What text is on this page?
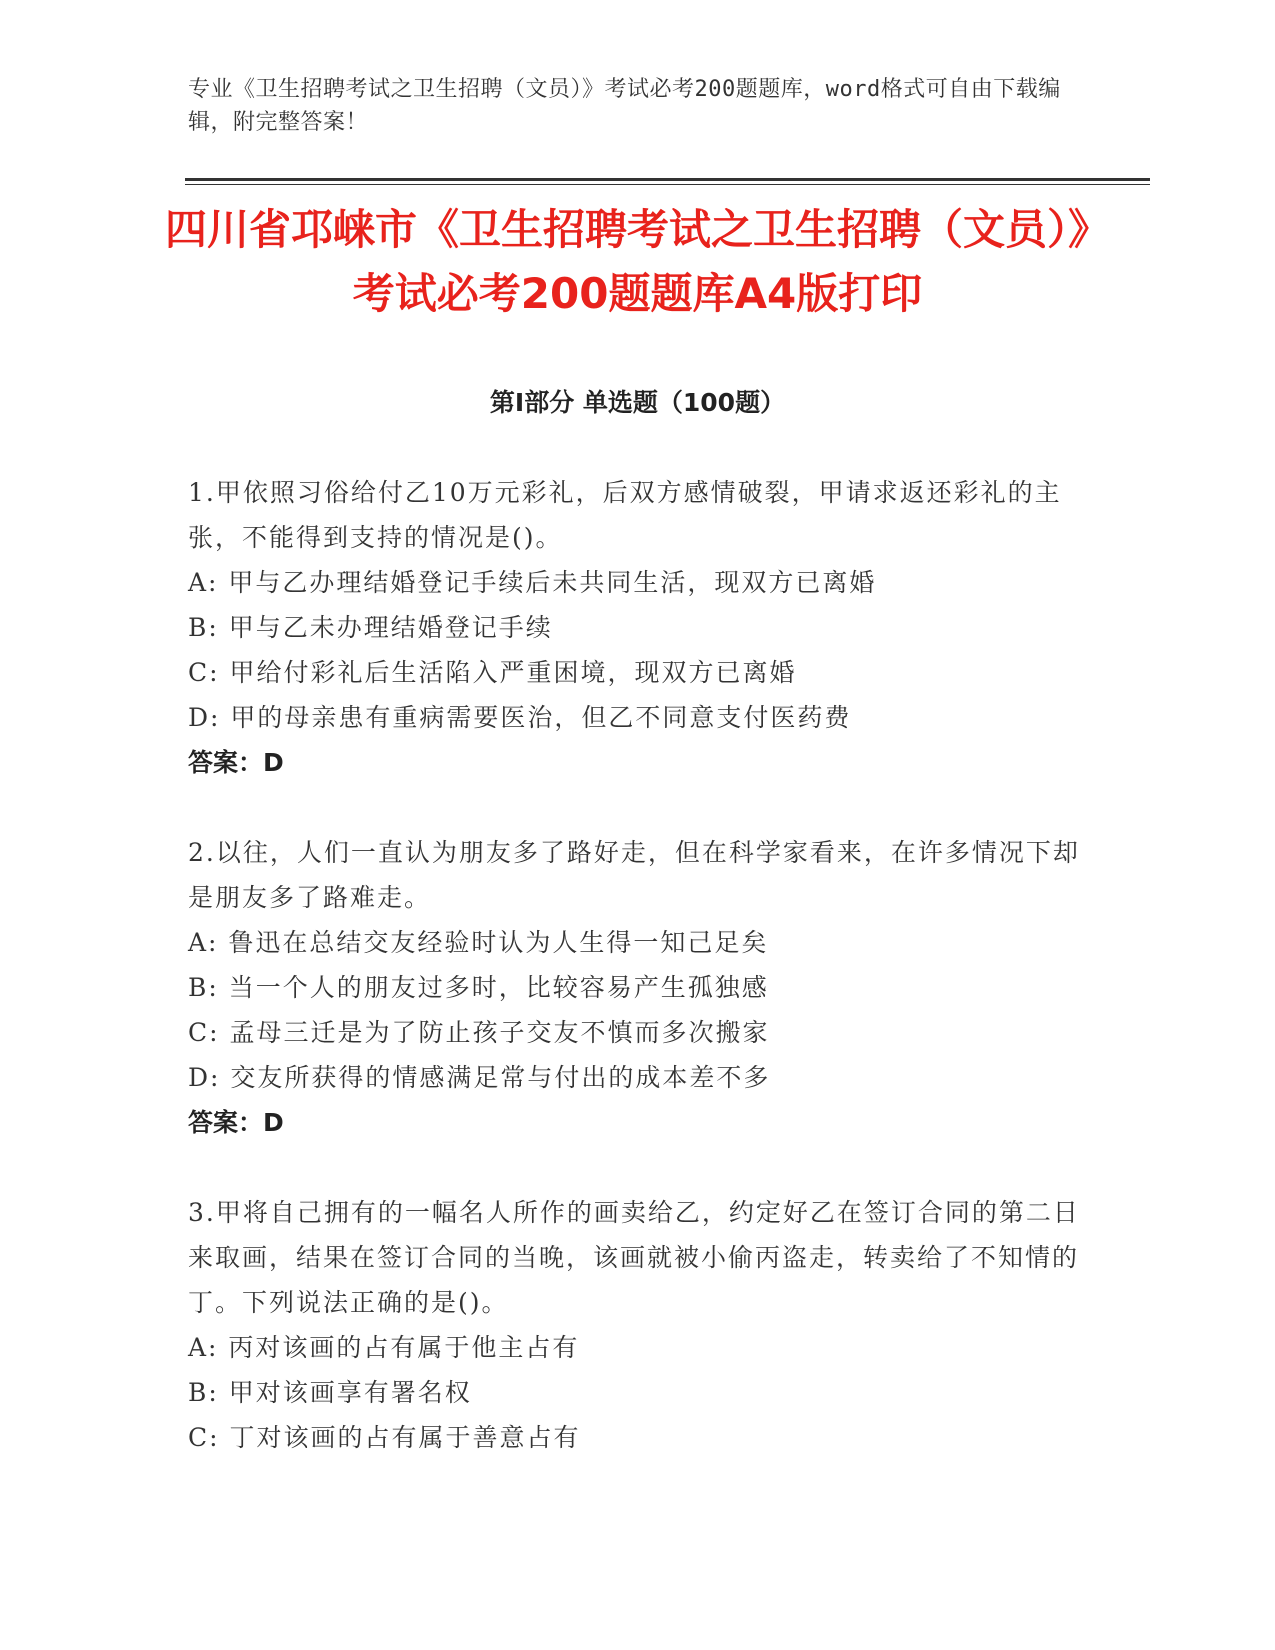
专业《卫生招聘考试之卫生招聘（文员）》考试必考200题题库，word格式可自由下载编辑，附完整答案！
四川省邛崃市《卫生招聘考试之卫生招聘（文员）》考试必考200题题库A4版打印
第I部分 单选题（100题）

1.甲依照习俗给付乙10万元彩礼，后双方感情破裂，甲请求返还彩礼的主张，不能得到支持的情况是()。

A: 甲与乙办理结婚登记手续后未共同生活，现双方已离婚

B: 甲与乙未办理结婚登记手续

C: 甲给付彩礼后生活陷入严重困境，现双方已离婚

D: 甲的母亲患有重病需要医治，但乙不同意支付医药费

答案：D

2.以往，人们一直认为朋友多了路好走，但在科学家看来，在许多情况下却是朋友多了路难走。

A: 鲁迅在总结交友经验时认为人生得一知己足矣

B: 当一个人的朋友过多时，比较容易产生孤独感

C: 孟母三迁是为了防止孩子交友不慎而多次搬家

D: 交友所获得的情感满足常与付出的成本差不多

答案：D

3.甲将自己拥有的一幅名人所作的画卖给乙，约定好乙在签订合同的第二日来取画，结果在签订合同的当晚，该画就被小偷丙盗走，转卖给了不知情的丁。下列说法正确的是()。

A: 丙对该画的占有属于他主占有

B: 甲对该画享有署名权

C: 丁对该画的占有属于善意占有
